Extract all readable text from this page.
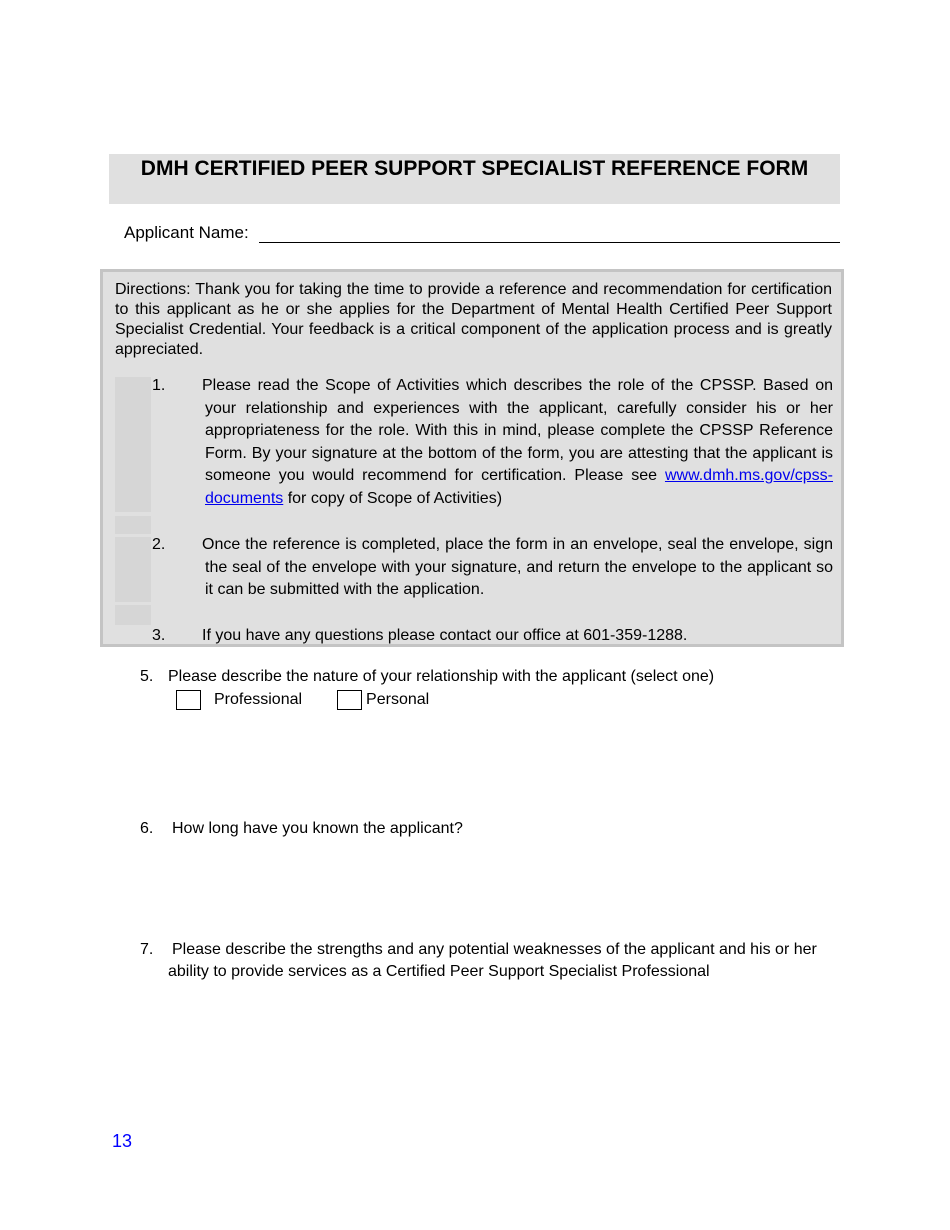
DMH CERTIFIED PEER SUPPORT SPECIALIST REFERENCE FORM
Applicant Name:
Directions: Thank you for taking the time to provide a reference and recommendation for certification to this applicant as he or she applies for the Department of Mental Health Certified Peer Support Specialist Credential. Your feedback is a critical component of the application process and is greatly appreciated.
1. Please read the Scope of Activities which describes the role of the CPSSP. Based on your relationship and experiences with the applicant, carefully consider his or her appropriateness for the role. With this in mind, please complete the CPSSP Reference Form. By your signature at the bottom of the form, you are attesting that the applicant is someone you would recommend for certification. Please see www.dmh.ms.gov/cpss-documents for copy of Scope of Activities)
2. Once the reference is completed, place the form in an envelope, seal the envelope, sign the seal of the envelope with your signature, and return the envelope to the applicant so it can be submitted with the application.
3. If you have any questions please contact our office at 601-359-1288.
5. Please describe the nature of your relationship with the applicant (select one)
Professional	Personal
6. How long have you known the applicant?
7. Please describe the strengths and any potential weaknesses of the applicant and his or her ability to provide services as a Certified Peer Support Specialist Professional
13
